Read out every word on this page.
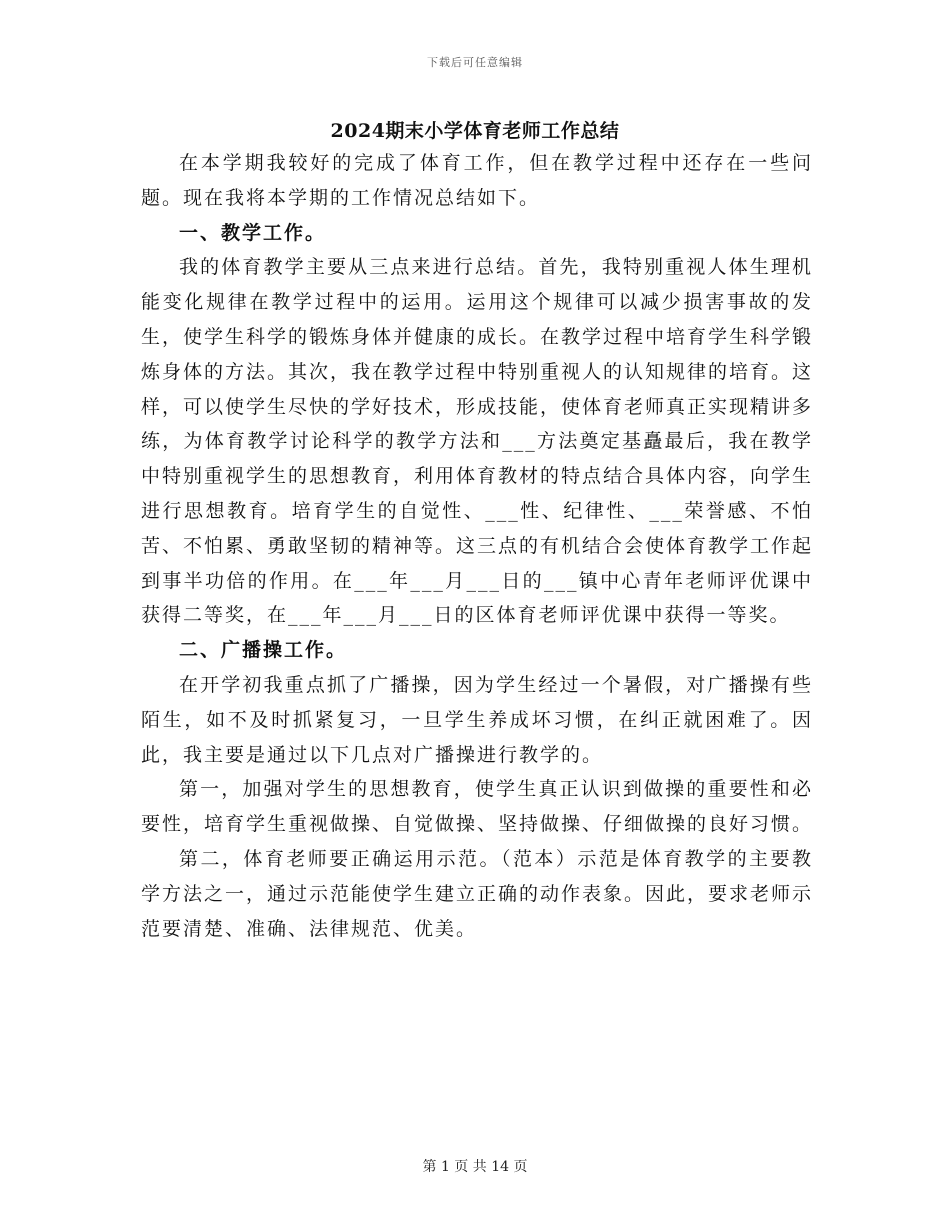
下载后可任意编辑
2024期末小学体育老师工作总结

在本学期我较好的完成了体育工作，但在教学过程中还存在一些问题。现在我将本学期的工作情况总结如下。

一、教学工作。

我的体育教学主要从三点来进行总结。首先，我特别重视人体生理机能变化规律在教学过程中的运用。运用这个规律可以减少损害事故的发生，使学生科学的锻炼身体并健康的成长。在教学过程中培育学生科学锻炼身体的方法。其次，我在教学过程中特别重视人的认知规律的培育。这样，可以使学生尽快的学好技术，形成技能，使体育老师真正实现精讲多练，为体育教学讨论科学的教学方法和___方法奠定基矗最后，我在教学中特别重视学生的思想教育，利用体育教材的特点结合具体内容，向学生进行思想教育。培育学生的自觉性、___性、纪律性、___荣誉感、不怕苦、不怕累、勇敢坚韧的精神等。这三点的有机结合会使体育教学工作起到事半功倍的作用。在___年___月___日的___镇中心青年老师评优课中获得二等奖，在___年___月___日的区体育老师评优课中获得一等奖。

二、广播操工作。

在开学初我重点抓了广播操，因为学生经过一个暑假，对广播操有些陌生，如不及时抓紧复习，一旦学生养成坏习惯，在纠正就困难了。因此，我主要是通过以下几点对广播操进行教学的。

第一，加强对学生的思想教育，使学生真正认识到做操的重要性和必要性，培育学生重视做操、自觉做操、坚持做操、仔细做操的良好习惯。

第二，体育老师要正确运用示范。（范本）示范是体育教学的主要教学方法之一，通过示范能使学生建立正确的动作表象。因此，要求老师示范要清楚、准确、法律规范、优美。

第 1 页 共 14 页
